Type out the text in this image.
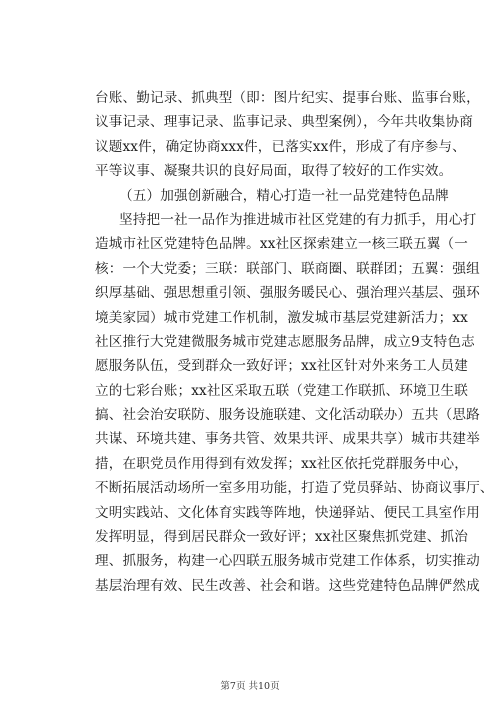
台账、勤记录、抓典型（即：图片纪实、提事台账、监事台账，
议事记录、理事记录、监事记录、典型案例），今年共收集协商
议题xx件，确定协商xxx件，已落实xx件，形成了有序参与、
平等议事、凝聚共识的良好局面，取得了较好的工作实效。
（五）加强创新融合，精心打造一社一品党建特色品牌
坚持把一社一品作为推进城市社区党建的有力抓手，用心打
造城市社区党建特色品牌。xx社区探索建立一核三联五翼（一
核：一个大党委；三联：联部门、联商圈、联群团；五翼：强组
织厚基础、强思想重引领、强服务暖民心、强治理兴基层、强环
境美家园）城市党建工作机制，激发城市基层党建新活力；xx
社区推行大党建微服务城市党建志愿服务品牌，成立9支特色志
愿服务队伍，受到群众一致好评；xx社区针对外来务工人员建
立的七彩台账；xx社区采取五联（党建工作联抓、环境卫生联
搞、社会治安联防、服务设施联建、文化活动联办）五共（思路
共谋、环境共建、事务共管、效果共评、成果共享）城市共建举
措，在职党员作用得到有效发挥；xx社区依托党群服务中心，
不断拓展活动场所一室多用功能，打造了党员驿站、协商议事厅、
文明实践站、文化体育实践等阵地，快递驿站、便民工具室作用
发挥明显，得到居民群众一致好评；xx社区聚焦抓党建、抓治
理、抓服务，构建一心四联五服务城市党建工作体系，切实推动
基层治理有效、民生改善、社会和谐。这些党建特色品牌俨然成
第7页 共10页
